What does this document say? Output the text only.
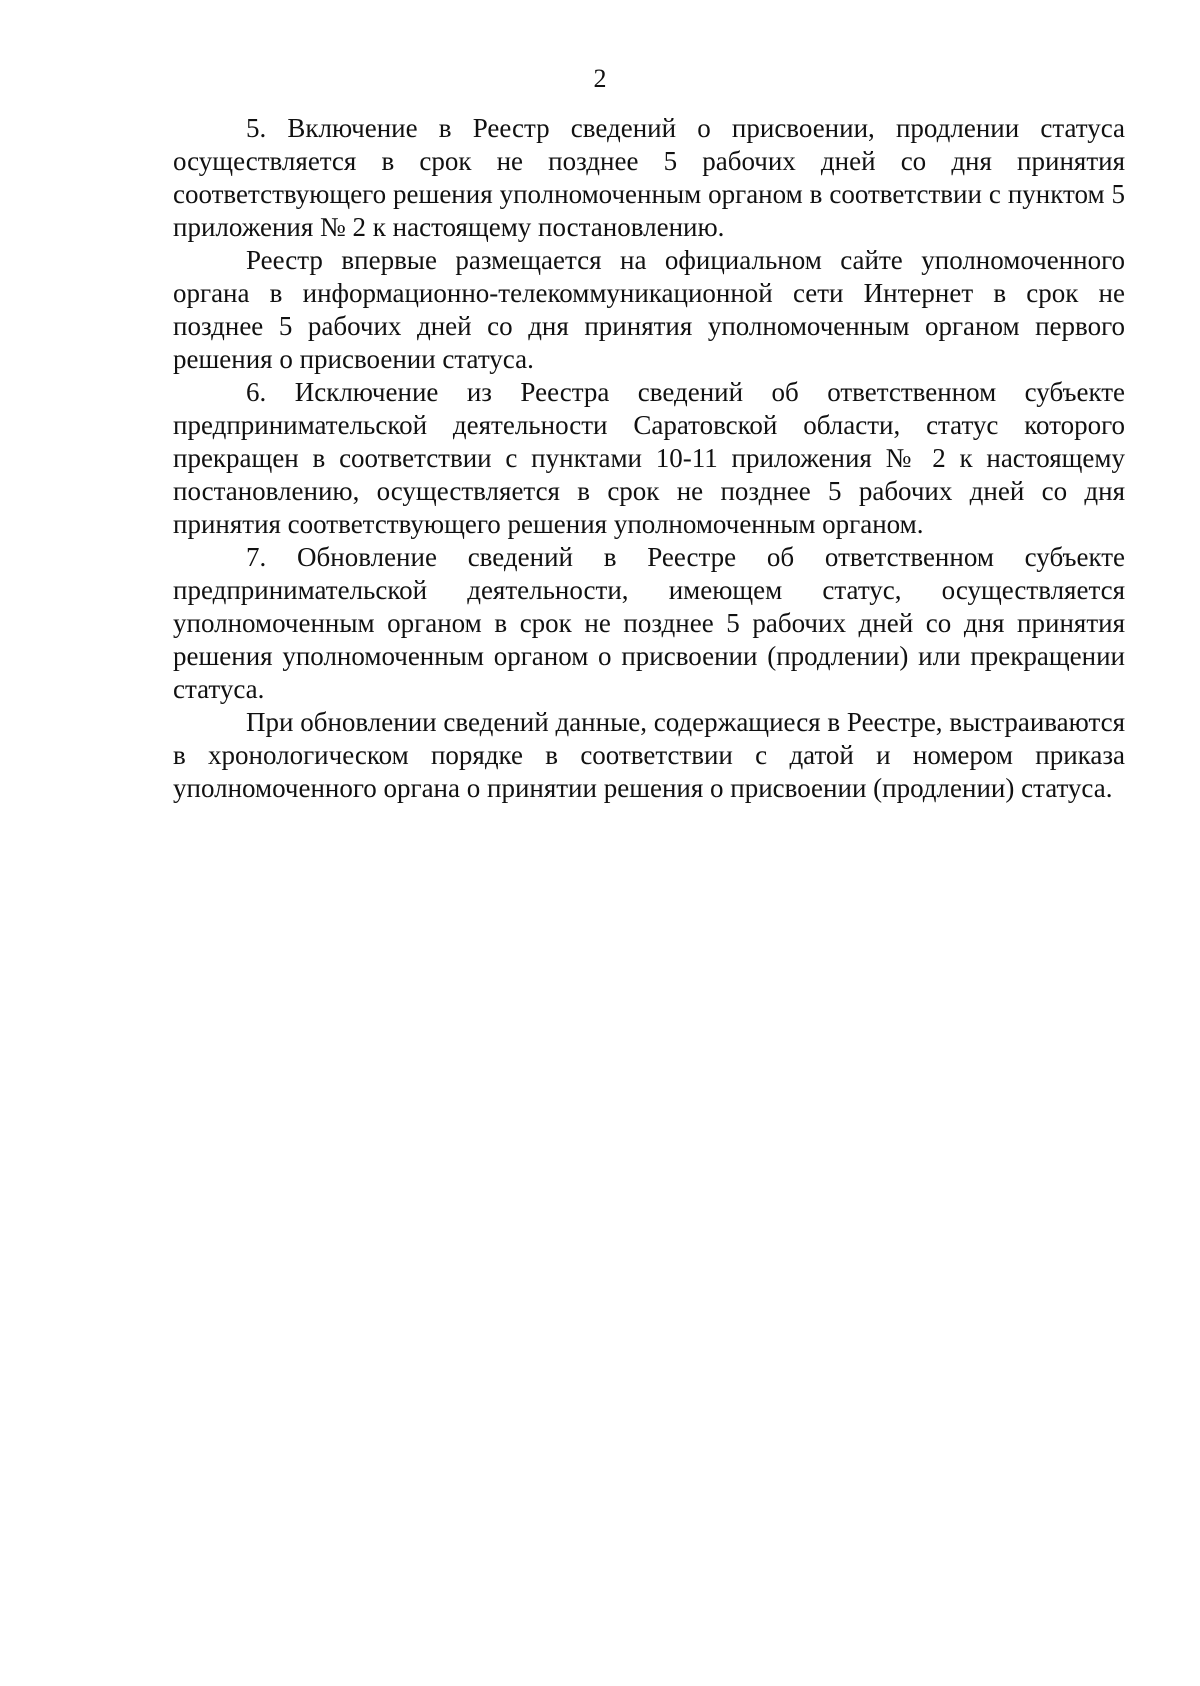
2

5. Включение в Реестр сведений о присвоении, продлении статуса осуществляется в срок не позднее 5 рабочих дней со дня принятия соответствующего решения уполномоченным органом в соответствии с пунктом 5 приложения № 2 к настоящему постановлению.

Реестр впервые размещается на официальном сайте уполномоченного органа в информационно-телекоммуникационной сети Интернет в срок не позднее 5 рабочих дней со дня принятия уполномоченным органом первого решения о присвоении статуса.

6. Исключение из Реестра сведений об ответственном субъекте предпринимательской деятельности Саратовской области, статус которого прекращен в соответствии с пунктами 10-11 приложения № 2 к настоящему постановлению, осуществляется в срок не позднее 5 рабочих дней со дня принятия соответствующего решения уполномоченным органом.

7. Обновление сведений в Реестре об ответственном субъекте предпринимательской деятельности, имеющем статус, осуществляется уполномоченным органом в срок не позднее 5 рабочих дней со дня принятия решения уполномоченным органом о присвоении (продлении) или прекращении статуса.

При обновлении сведений данные, содержащиеся в Реестре, выстраиваются в хронологическом порядке в соответствии с датой и номером приказа уполномоченного органа о принятии решения о присвоении (продлении) статуса.
